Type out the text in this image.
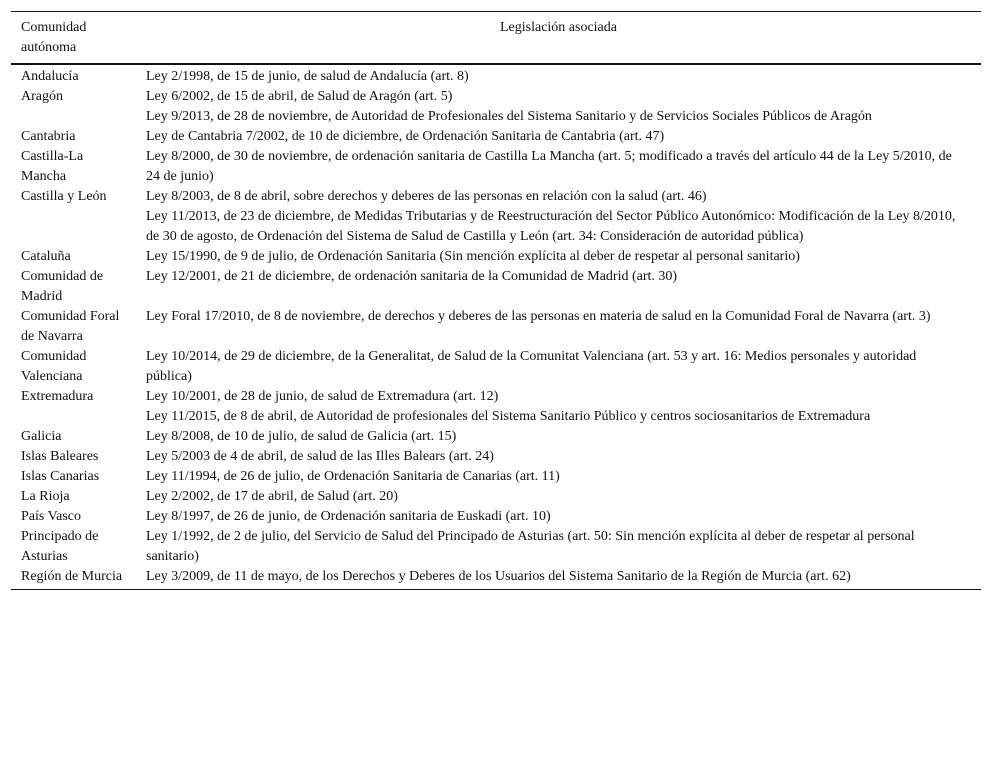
Comunidad autónoma	Legislación asociada
Andalucía	Ley 2/1998, de 15 de junio, de salud de Andalucía (art. 8)

Aragón	Ley 6/2002, de 15 de abril, de Salud de Aragón (art. 5)
Ley 9/2013, de 28 de noviembre, de Autoridad de Profesionales del Sistema Sanitario y de Servicios Sociales Públicos de Aragón

Cantabria	Ley de Cantabria 7/2002, de 10 de diciembre, de Ordenación Sanitaria de Cantabria (art. 47)

Castilla-La Mancha	Ley 8/2000, de 30 de noviembre, de ordenación sanitaria de Castilla La Mancha (art. 5; modificado a través del artículo 44 de la Ley 5/2010, de 24 de junio)

Castilla y León	Ley 8/2003, de 8 de abril, sobre derechos y deberes de las personas en relación con la salud (art. 46)
Ley 11/2013, de 23 de diciembre, de Medidas Tributarias y de Reestructuración del Sector Público Autonómico: Modificación de la Ley 8/2010, de 30 de agosto, de Ordenación del Sistema de Salud de Castilla y León (art. 34: Consideración de autoridad pública)

Cataluña	Ley 15/1990, de 9 de julio, de Ordenación Sanitaria (Sin mención explícita al deber de respetar al personal sanitario)

Comunidad de Madrid	Ley 12/2001, de 21 de diciembre, de ordenación sanitaria de la Comunidad de Madrid (art. 30)

Comunidad Foral de Navarra	Ley Foral 17/2010, de 8 de noviembre, de derechos y deberes de las personas en materia de salud en la Comunidad Foral de Navarra (art. 3)

Comunidad Valenciana	Ley 10/2014, de 29 de diciembre, de la Generalitat, de Salud de la Comunitat Valenciana (art. 53 y art. 16: Medios personales y autoridad pública)

Extremadura	Ley 10/2001, de 28 de junio, de salud de Extremadura (art. 12)
Ley 11/2015, de 8 de abril, de Autoridad de profesionales del Sistema Sanitario Público y centros sociosanitarios de Extremadura

Galicia	Ley 8/2008, de 10 de julio, de salud de Galicia (art. 15)

Islas Baleares	Ley 5/2003 de 4 de abril, de salud de las Illes Balears (art. 24)

Islas Canarias	Ley 11/1994, de 26 de julio, de Ordenación Sanitaria de Canarias (art. 11)

La Rioja	Ley 2/2002, de 17 de abril, de Salud (art. 20)

País Vasco	Ley 8/1997, de 26 de junio, de Ordenación sanitaria de Euskadi (art. 10)

Principado de Asturias	Ley 1/1992, de 2 de julio, del Servicio de Salud del Principado de Asturias (art. 50: Sin mención explícita al deber de respetar al personal sanitario)

Región de Murcia	Ley 3/2009, de 11 de mayo, de los Derechos y Deberes de los Usuarios del Sistema Sanitario de la Región de Murcia (art. 62)
